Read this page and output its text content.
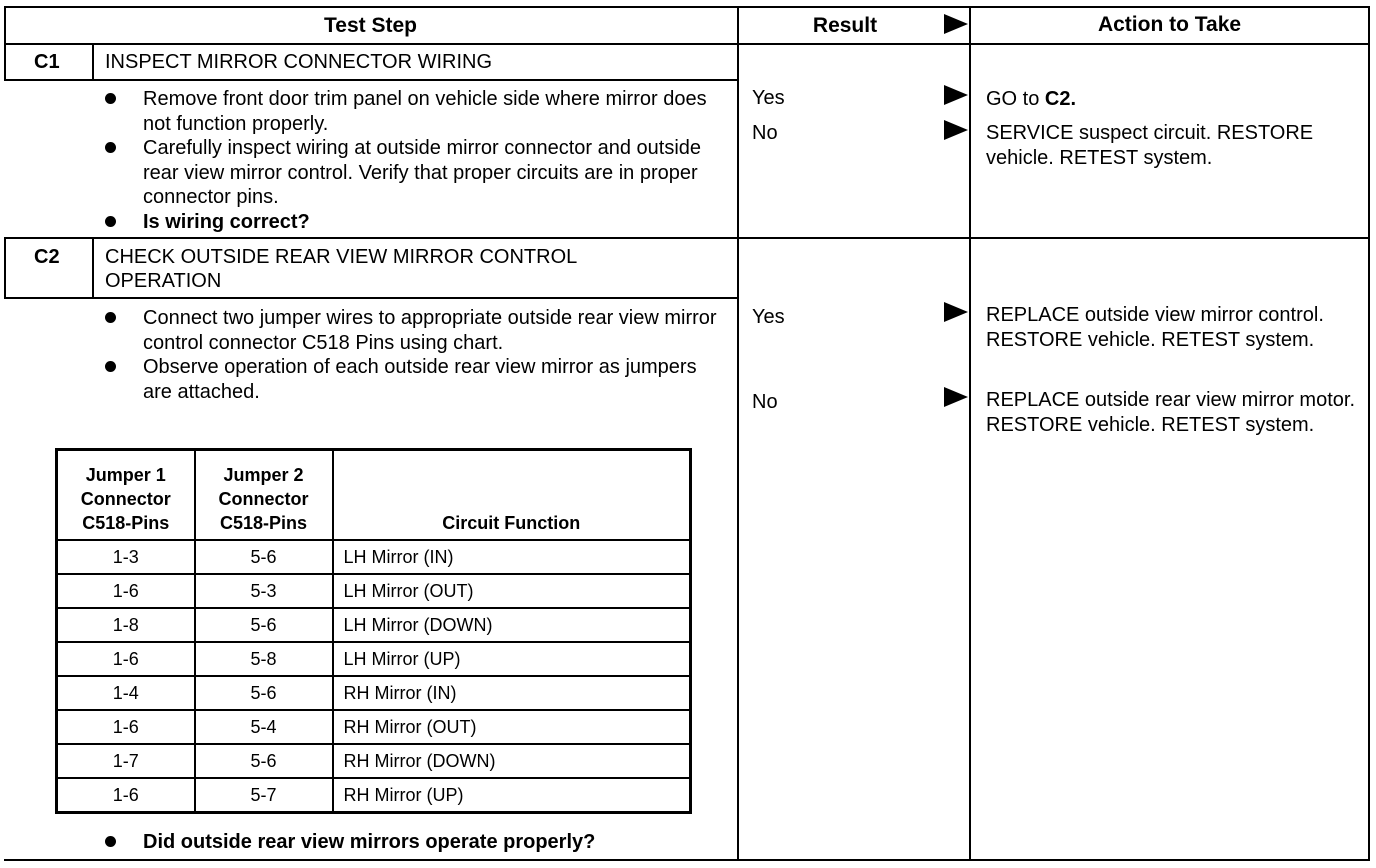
Test Step	Result	Action to Take
C1 INSPECT MIRROR CONNECTOR WIRING
Remove front door trim panel on vehicle side where mirror does not function properly.
Carefully inspect wiring at outside mirror connector and outside rear view mirror control. Verify that proper circuits are in proper connector pins.
Is wiring correct?
Yes	GO to C2.
No	SERVICE suspect circuit. RESTORE vehicle. RETEST system.
C2 CHECK OUTSIDE REAR VIEW MIRROR CONTROL OPERATION
Connect two jumper wires to appropriate outside rear view mirror control connector C518 Pins using chart.
Observe operation of each outside rear view mirror as jumpers are attached.
Jumper 1 Connector C518-Pins	Jumper 2 Connector C518-Pins	Circuit Function
1-3	5-6	LH Mirror (IN)
1-6	5-3	LH Mirror (OUT)
1-8	5-6	LH Mirror (DOWN)
1-6	5-8	LH Mirror (UP)
1-4	5-6	RH Mirror (IN)
1-6	5-4	RH Mirror (OUT)
1-7	5-6	RH Mirror (DOWN)
1-6	5-7	RH Mirror (UP)
Did outside rear view mirrors operate properly?
Yes	REPLACE outside view mirror control. RESTORE vehicle. RETEST system.
No	REPLACE outside rear view mirror motor. RESTORE vehicle. RETEST system.
